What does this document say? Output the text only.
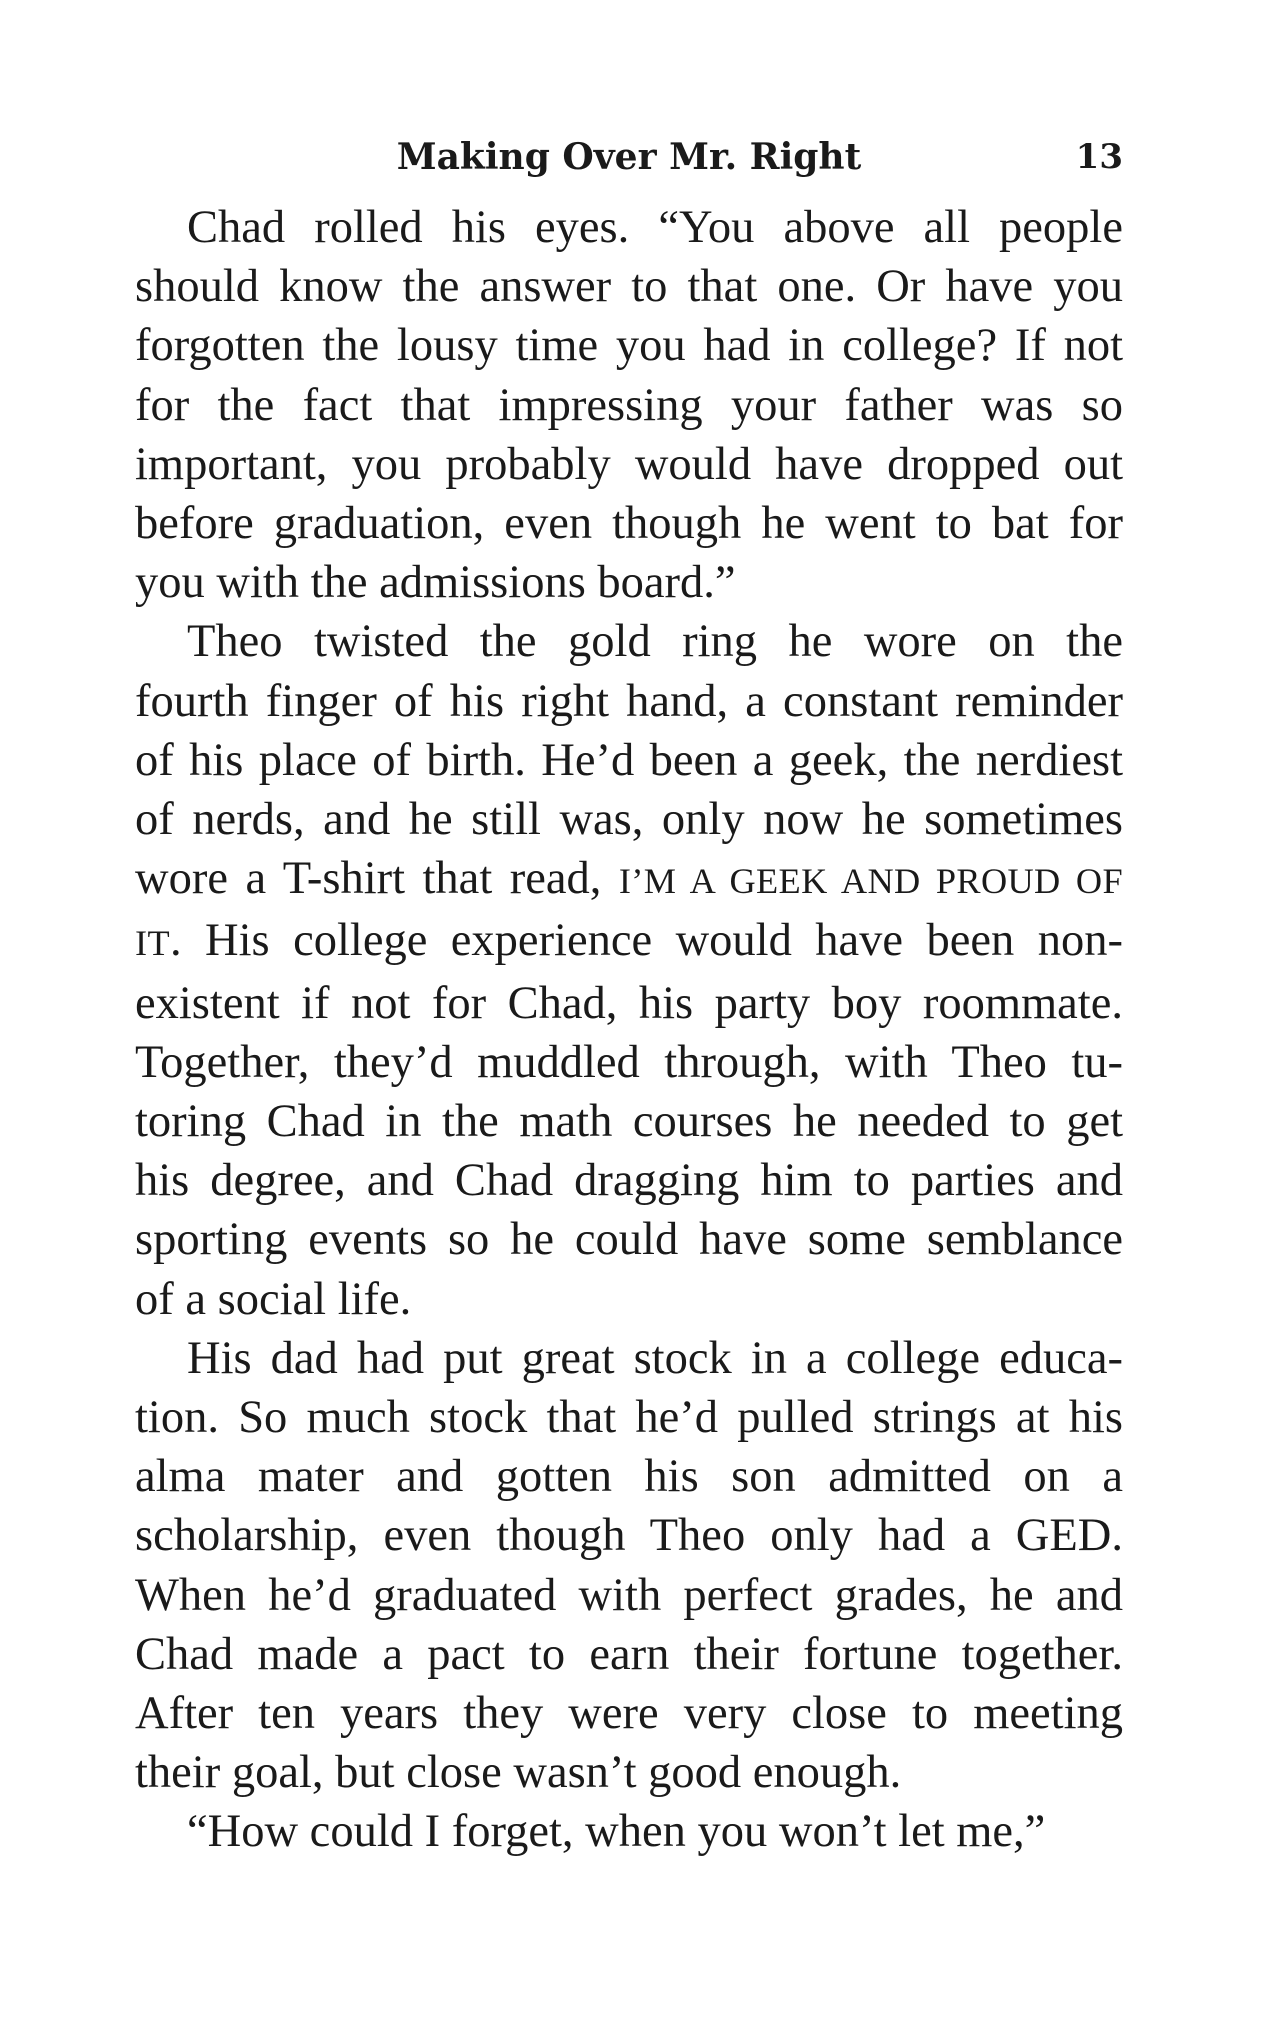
Making Over Mr. Right	13

Chad rolled his eyes. “You above all people
should know the answer to that one. Or have you
forgotten the lousy time you had in college? If not
for the fact that impressing your father was so
important, you probably would have dropped out
before graduation, even though he went to bat for
you with the admissions board.”

Theo twisted the gold ring he wore on the
fourth finger of his right hand, a constant reminder
of his place of birth. He’d been a geek, the nerdiest
of nerds, and he still was, only now he sometimes
wore a T-shirt that read, I’M A GEEK AND PROUD OF
IT. His college experience would have been non-
existent if not for Chad, his party boy roommate.
Together, they’d muddled through, with Theo tu-
toring Chad in the math courses he needed to get
his degree, and Chad dragging him to parties and
sporting events so he could have some semblance
of a social life.

His dad had put great stock in a college educa-
tion. So much stock that he’d pulled strings at his
alma mater and gotten his son admitted on a
scholarship, even though Theo only had a GED.
When he’d graduated with perfect grades, he and
Chad made a pact to earn their fortune together.
After ten years they were very close to meeting
their goal, but close wasn’t good enough.

“How could I forget, when you won’t let me,”
